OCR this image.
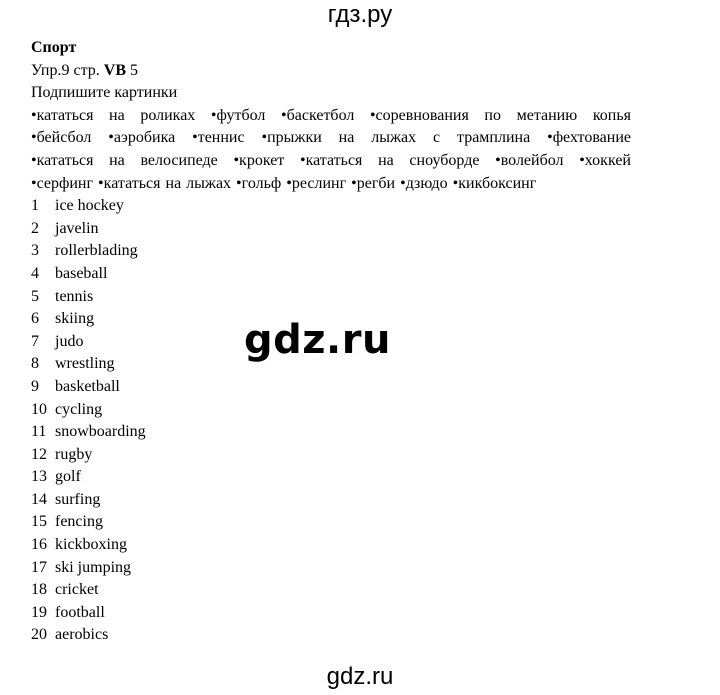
гдз.ру
Спорт
Упр.9 стр. VB 5
Подпишите картинки
•кататься на роликах •футбол •баскетбол •соревнования по метанию копья
•бейсбол •аэробика •теннис •прыжки на лыжах с трамплина •фехтование
•кататься на велосипеде •крокет •кататься на сноуборде •волейбол •хоккей
•серфинг •кататься на лыжах •гольф •реслинг •регби •дзюдо •кикбоксинг
1 ice hockey
2 javelin
3 rollerblading
4 baseball
5 tennis
6 skiing
7 judo
8 wrestling
9 basketball
10 cycling
11 snowboarding
12 rugby
13 golf
14 surfing
15 fencing
16 kickboxing
17 ski jumping
18 cricket
19 football
20 aerobics
gdz.ru
gdz.ru
